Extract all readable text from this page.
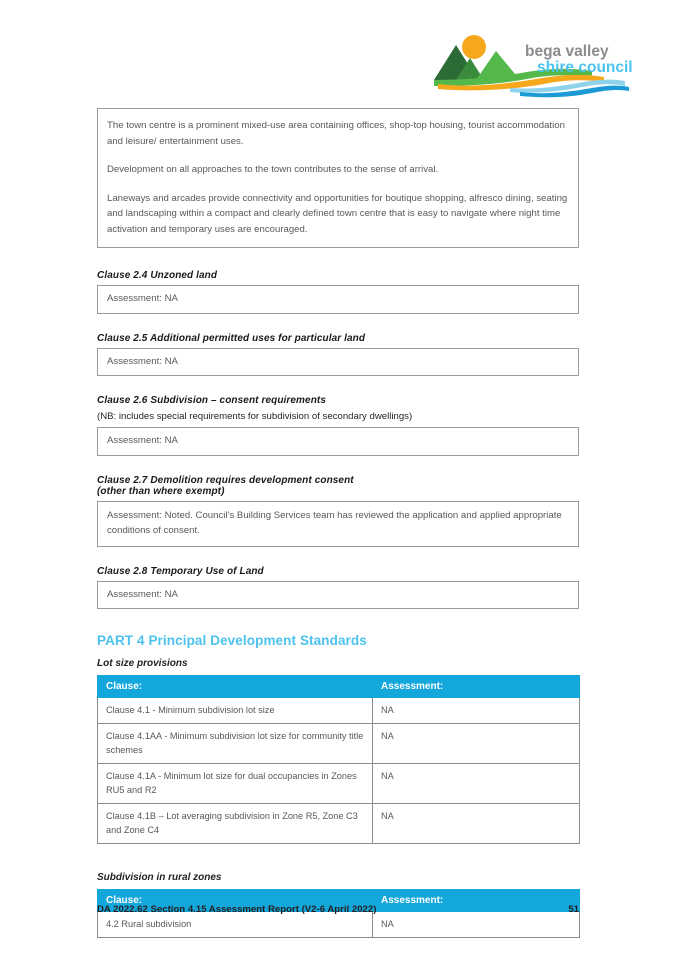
bega valley
shire council

The town centre is a prominent mixed-use area containing offices, shop-top housing, tourist accommodation and leisure/ entertainment uses.

Development on all approaches to the town contributes to the sense of arrival.

Laneways and arcades provide connectivity and opportunities for boutique shopping, alfresco dining, seating and landscaping within a compact and clearly defined town centre that is easy to navigate where night time activation and temporary uses are encouraged.

Clause 2.4 Unzoned land
Assessment: NA
Clause 2.5 Additional permitted uses for particular land
Assessment: NA
Clause 2.6 Subdivision – consent requirements
(NB: includes special requirements for subdivision of secondary dwellings)
Assessment: NA
Clause 2.7 Demolition requires development consent
(other than where exempt)
Assessment: Noted. Council’s Building Services team has reviewed the application and applied appropriate conditions of consent.
Clause 2.8 Temporary Use of Land
Assessment: NA
PART 4 Principal Development Standards
Lot size provisions
Clause:	Assessment:
Clause 4.1 - Minimum subdivision lot size	NA
Clause 4.1AA - Minimum subdivision lot size for community title schemes	NA
Clause 4.1A - Minimum lot size for dual occupancies in Zones RU5 and R2	NA
Clause 4.1B – Lot averaging subdivision in Zone R5, Zone C3 and Zone C4	NA
Subdivision in rural zones
Clause:	Assessment:
4.2 Rural subdivision	NA
DA 2022.62 Section 4.15 Assessment Report (V2-6 April 2022)	51
